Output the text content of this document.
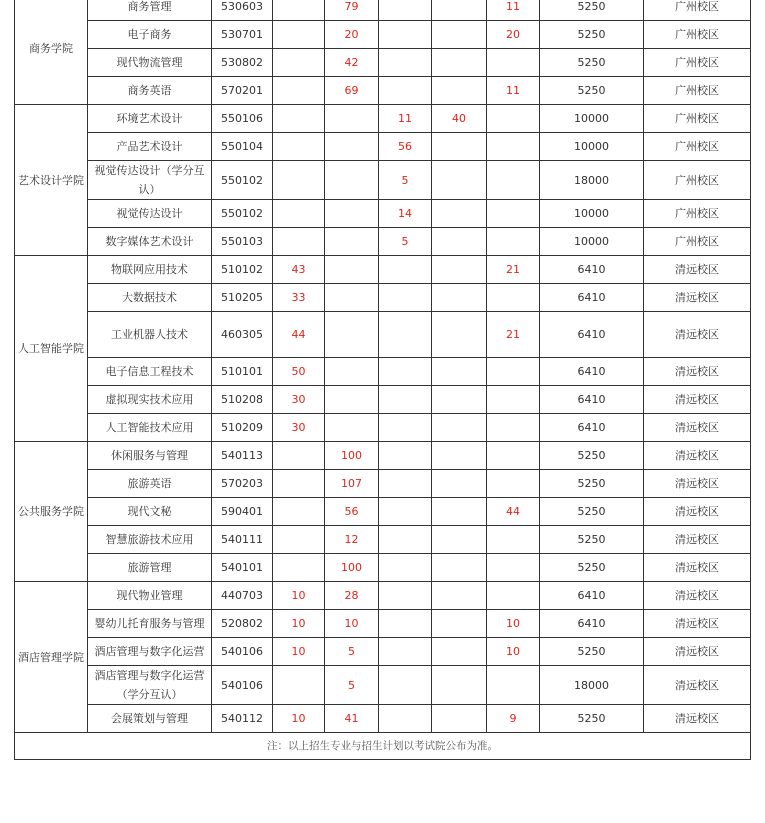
商务学院	商务管理	530603		79			11	5250	广州校区
	电子商务	530701		20			20	5250	广州校区
	现代物流管理	530802		42				5250	广州校区
	商务英语	570201		69			11	5250	广州校区
艺术设计学院	环境艺术设计	550106			11	40		10000	广州校区
	产品艺术设计	550104			56			10000	广州校区
	视觉传达设计（学分互认）	550102			5			18000	广州校区
	视觉传达设计	550102			14			10000	广州校区
	数字媒体艺术设计	550103			5			10000	广州校区
人工智能学院	物联网应用技术	510102	43				21	6410	清远校区
	大数据技术	510205	33					6410	清远校区
	工业机器人技术	460305	44				21	6410	清远校区
	电子信息工程技术	510101	50					6410	清远校区
	虚拟现实技术应用	510208	30					6410	清远校区
	人工智能技术应用	510209	30					6410	清远校区
公共服务学院	休闲服务与管理	540113		100				5250	清远校区
	旅游英语	570203		107				5250	清远校区
	现代文秘	590401		56			44	5250	清远校区
	智慧旅游技术应用	540111		12				5250	清远校区
	旅游管理	540101		100				5250	清远校区
酒店管理学院	现代物业管理	440703	10	28				6410	清远校区
	婴幼儿托育服务与管理	520802	10	10			10	6410	清远校区
	酒店管理与数字化运营	540106	10	5			10	5250	清远校区
	酒店管理与数字化运营（学分互认）	540106		5				18000	清远校区
	会展策划与管理	540112	10	41			9	5250	清远校区
注：以上招生专业与招生计划以考试院公布为准。									
